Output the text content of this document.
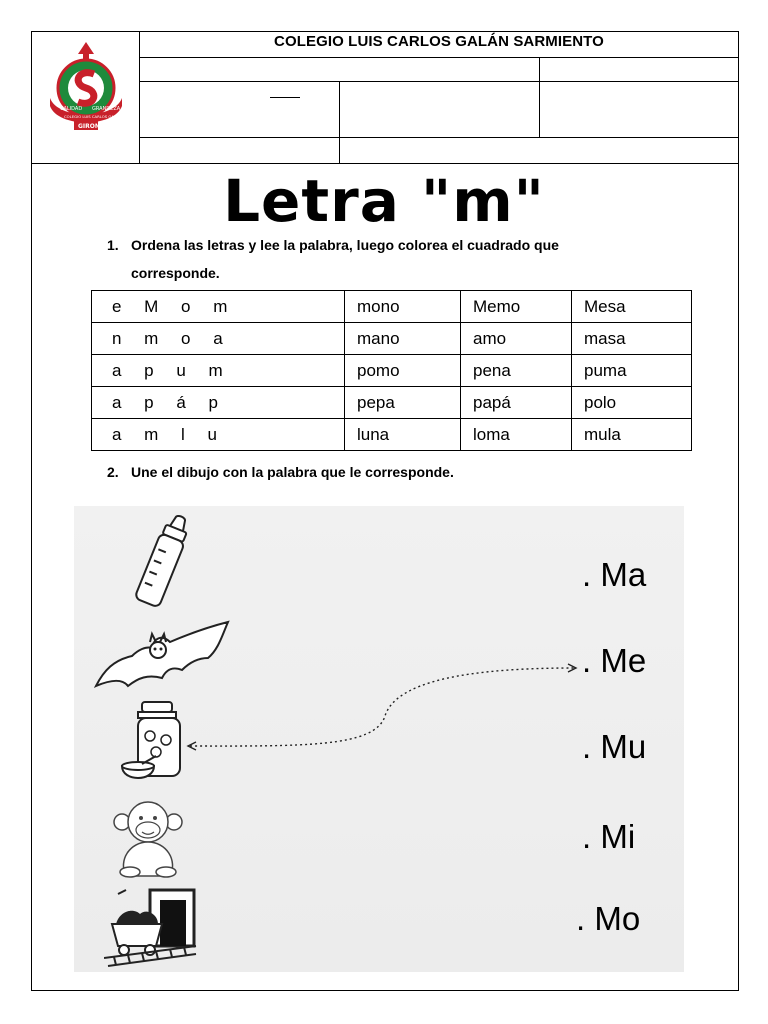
COLEGIO LUIS CARLOS GALÁN SARMIENTO
CALIDAD GRANDEZA
COLEGIO LUIS CARLOS GALÁN
GIRON
Letra "m"
1. Ordena las letras y lee la palabra, luego colorea el cuadrado que
corresponde.
e M o m	mono	Memo	Mesa
n m o a	mano	amo	masa
a p u m	pomo	pena	puma
a p á p	pepa	papá	polo
a m l u	luna	loma	mula
2. Une el dibujo con la palabra que le corresponde.
. Ma
. Me
. Mu
. Mi
. Mo
